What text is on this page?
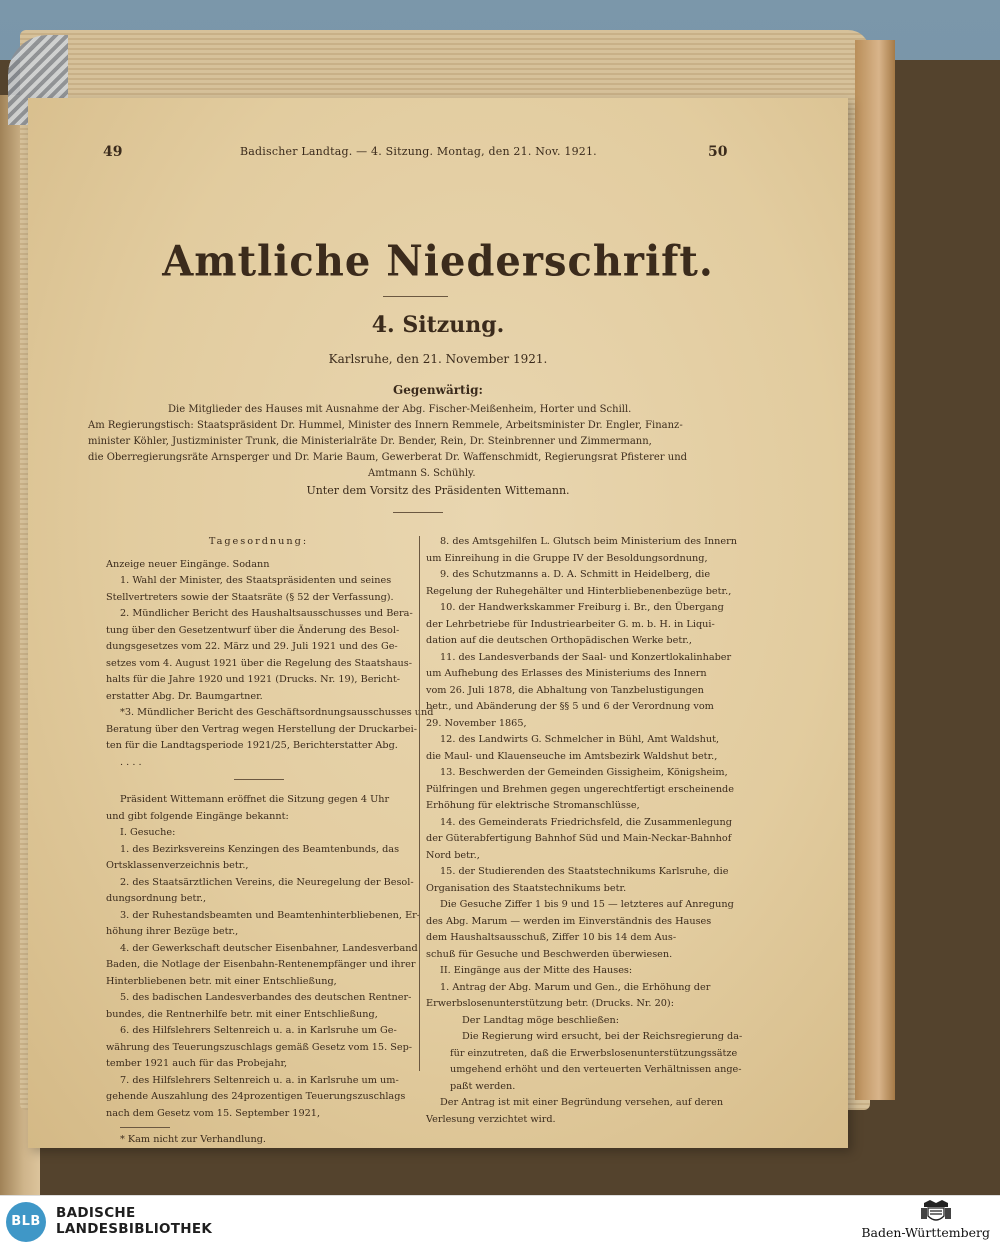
49	Badischer Landtag. — 4. Sitzung. Montag, den 21. Nov. 1921.	50
Amtliche Niederschrift.
4. Sitzung.
Karlsruhe, den 21. November 1921.
Gegenwärtig:
Die Mitglieder des Hauses mit Ausnahme der Abg. Fischer-Meißenheim, Horter und Schill.
Am Regierungstisch: Staatspräsident Dr. Hummel, Minister des Innern Remmele, Arbeitsminister Dr. Engler, Finanz-
minister Köhler, Justizminister Trunk, die Ministerialräte Dr. Bender, Rein, Dr. Steinbrenner und Zimmermann,
die Oberregierungsräte Arnsperger und Dr. Marie Baum, Gewerberat Dr. Waffenschmidt, Regierungsrat Pfisterer und
Amtmann S. Schühly.
Unter dem Vorsitz des Präsidenten Wittemann.

Tagesordnung:

Anzeige neuer Eingänge. Sodann

1. Wahl der Minister, des Staatspräsidenten und seines

Stellvertreters sowie der Staatsräte (§ 52 der Verfassung).

2. Mündlicher Bericht des Haushaltsausschusses und Bera-

tung über den Gesetzentwurf über die Änderung des Besol-

dungsgesetzes vom 22. März und 29. Juli 1921 und des Ge-

setzes vom 4. August 1921 über die Regelung des Staatshaus-

halts für die Jahre 1920 und 1921 (Drucks. Nr. 19), Bericht-

erstatter Abg. Dr. Baumgartner.

*3. Mündlicher Bericht des Geschäftsordnungsausschusses und

Beratung über den Vertrag wegen Herstellung der Druckarbei-

ten für die Landtagsperiode 1921/25, Berichterstatter Abg.

. . . .

Präsident Wittemann eröffnet die Sitzung gegen 4 Uhr

und gibt folgende Eingänge bekannt:

I. Gesuche:

1. des Bezirksvereins Kenzingen des Beamtenbunds, das

Ortsklassenverzeichnis betr.,

2. des Staatsärztlichen Vereins, die Neuregelung der Besol-

dungsordnung betr.,

3. der Ruhestandsbeamten und Beamtenhinterbliebenen, Er-

höhung ihrer Bezüge betr.,

4. der Gewerkschaft deutscher Eisenbahner, Landesverband

Baden, die Notlage der Eisenbahn-Rentenempfänger und ihrer

Hinterbliebenen betr. mit einer Entschließung,

5. des badischen Landesverbandes des deutschen Rentner-

bundes, die Rentnerhilfe betr. mit einer Entschließung,

6. des Hilfslehrers Seltenreich u. a. in Karlsruhe um Ge-

währung des Teuerungszuschlags gemäß Gesetz vom 15. Sep-

tember 1921 auch für das Probejahr,

7. des Hilfslehrers Seltenreich u. a. in Karlsruhe um um-

gehende Auszahlung des 24prozentigen Teuerungszuschlags

nach dem Gesetz vom 15. September 1921,

* Kam nicht zur Verhandlung.

8. des Amtsgehilfen L. Glutsch beim Ministerium des Innern

um Einreihung in die Gruppe IV der Besoldungsordnung,

9. des Schutzmanns a. D. A. Schmitt in Heidelberg, die

Regelung der Ruhegehälter und Hinterbliebenenbezüge betr.,

10. der Handwerkskammer Freiburg i. Br., den Übergang

der Lehrbetriebe für Industriearbeiter G. m. b. H. in Liqui-

dation auf die deutschen Orthopädischen Werke betr.,

11. des Landesverbands der Saal- und Konzertlokalinhaber

um Aufhebung des Erlasses des Ministeriums des Innern

vom 26. Juli 1878, die Abhaltung von Tanzbelustigungen

betr., und Abänderung der §§ 5 und 6 der Verordnung vom

29. November 1865,

12. des Landwirts G. Schmelcher in Bühl, Amt Waldshut,

die Maul- und Klauenseuche im Amtsbezirk Waldshut betr.,

13. Beschwerden der Gemeinden Gissigheim, Königsheim,

Pülfringen und Brehmen gegen ungerechtfertigt erscheinende

Erhöhung für elektrische Stromanschlüsse,

14. des Gemeinderats Friedrichsfeld, die Zusammenlegung

der Güterabfertigung Bahnhof Süd und Main-Neckar-Bahnhof

Nord betr.,

15. der Studierenden des Staatstechnikums Karlsruhe, die

Organisation des Staatstechnikums betr.

Die Gesuche Ziffer 1 bis 9 und 15 — letzteres auf Anregung

des Abg. Marum — werden im Einverständnis des Hauses

dem Haushaltsausschuß, Ziffer 10 bis 14 dem Aus-

schuß für Gesuche und Beschwerden überwiesen.

II. Eingänge aus der Mitte des Hauses:

1. Antrag der Abg. Marum und Gen., die Erhöhung der

Erwerbslosenunterstützung betr. (Drucks. Nr. 20):

Der Landtag möge beschließen:

Die Regierung wird ersucht, bei der Reichsregierung da-

für einzutreten, daß die Erwerbslosenunterstützungssätze

umgehend erhöht und den verteuerten Verhältnissen ange-

paßt werden.

Der Antrag ist mit einer Begründung versehen, auf deren

Verlesung verzichtet wird.

BLB
BADISCHE
LANDESBIBLIOTHEK	Baden-Württemberg
